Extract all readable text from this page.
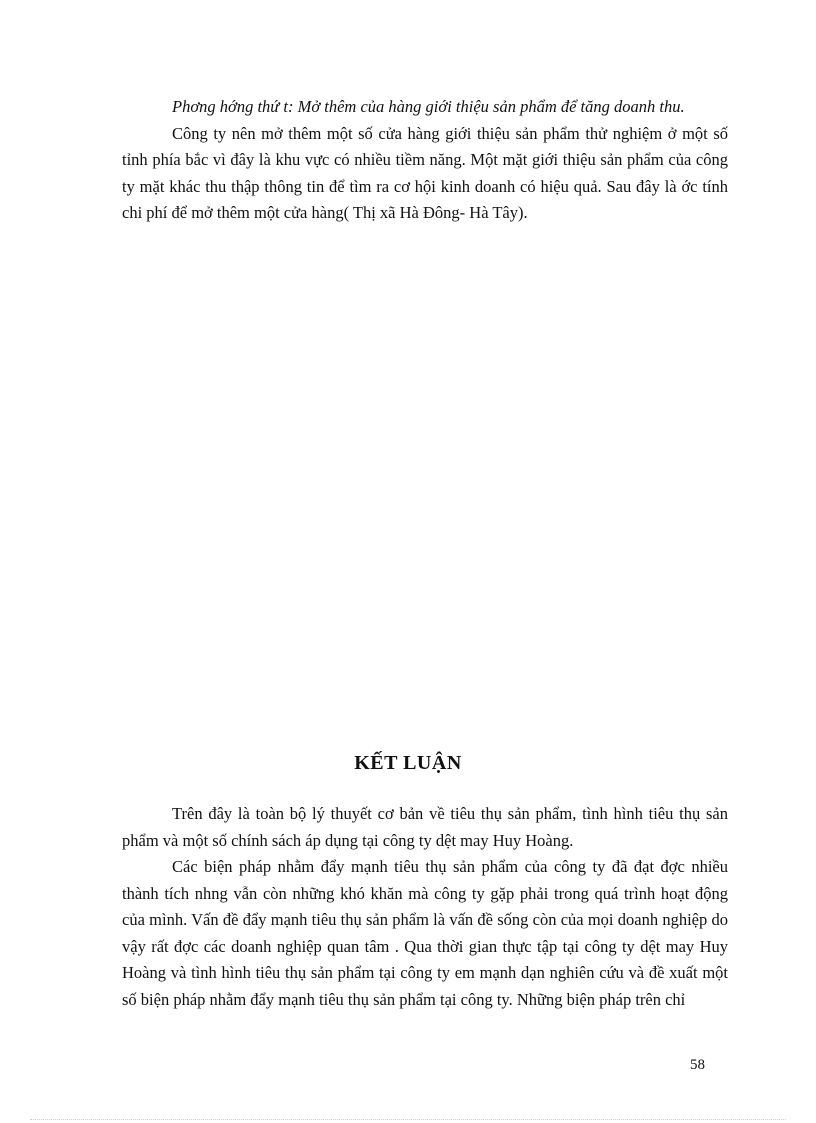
Phơng hớng thứ t: Mở thêm của hàng giới thiệu sản phẩm để tăng doanh thu.

Công ty nên mở thêm một số cửa hàng giới thiệu sản phẩm thử nghiệm ở một số tỉnh phía bắc vì đây là khu vực có nhiều tiềm năng. Một mặt giới thiệu sản phẩm của công ty mặt khác thu thập thông tin để tìm ra cơ hội kinh doanh có hiệu quả. Sau đây là ớc tính chi phí để mở thêm một cửa hàng( Thị xã Hà Đông- Hà Tây).

KẾT LUẬN

Trên đây là toàn bộ lý thuyết cơ bản về tiêu thụ sản phẩm, tình hình tiêu thụ sản phẩm và một số chính sách áp dụng tại công ty dệt may Huy Hoàng.

Các biện pháp nhằm đẩy mạnh tiêu thụ sản phẩm của công ty đã đạt đợc nhiều thành tích nhng vẫn còn những khó khăn mà công ty gặp phải trong quá trình hoạt động của mình. Vấn đề đẩy mạnh tiêu thụ sản phẩm là vấn đề sống còn của mọi doanh nghiệp do vậy rất đợc các doanh nghiệp quan tâm . Qua thời gian thực tập tại công ty dệt may Huy Hoàng và tình hình tiêu thụ sản phẩm tại công ty em mạnh dạn nghiên cứu và đề xuất một số biện pháp nhằm đẩy mạnh tiêu thụ sản phẩm tại công ty. Những biện pháp trên chỉ

58
